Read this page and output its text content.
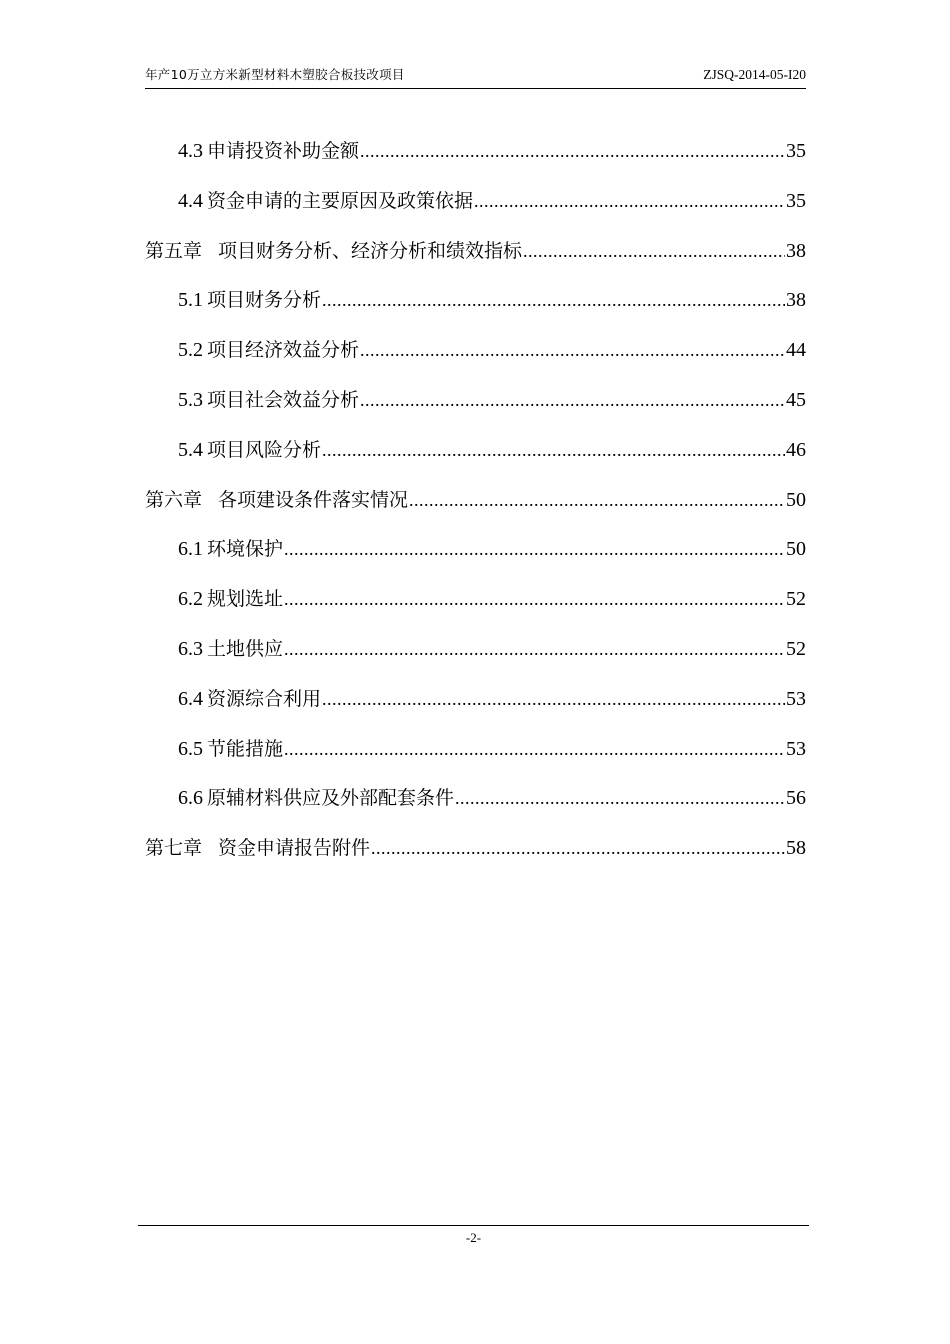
年产10万立方米新型材料木塑胶合板技改项目	ZJSQ-2014-05-I20
4.3 申请投资补助金额 .....	35
4.4 资金申请的主要原因及政策依据 .....	35
第五章 项目财务分析、经济分析和绩效指标 .....	38
5.1 项目财务分析 .....	38
5.2 项目经济效益分析 .....	44
5.3 项目社会效益分析 .....	45
5.4 项目风险分析 .....	46
第六章 各项建设条件落实情况 .....	50
6.1 环境保护 .....	50
6.2 规划选址 .....	52
6.3 土地供应 .....	52
6.4 资源综合利用 .....	53
6.5 节能措施 .....	53
6.6 原辅材料供应及外部配套条件 .....	56
第七章 资金申请报告附件 .....	58
-2-
